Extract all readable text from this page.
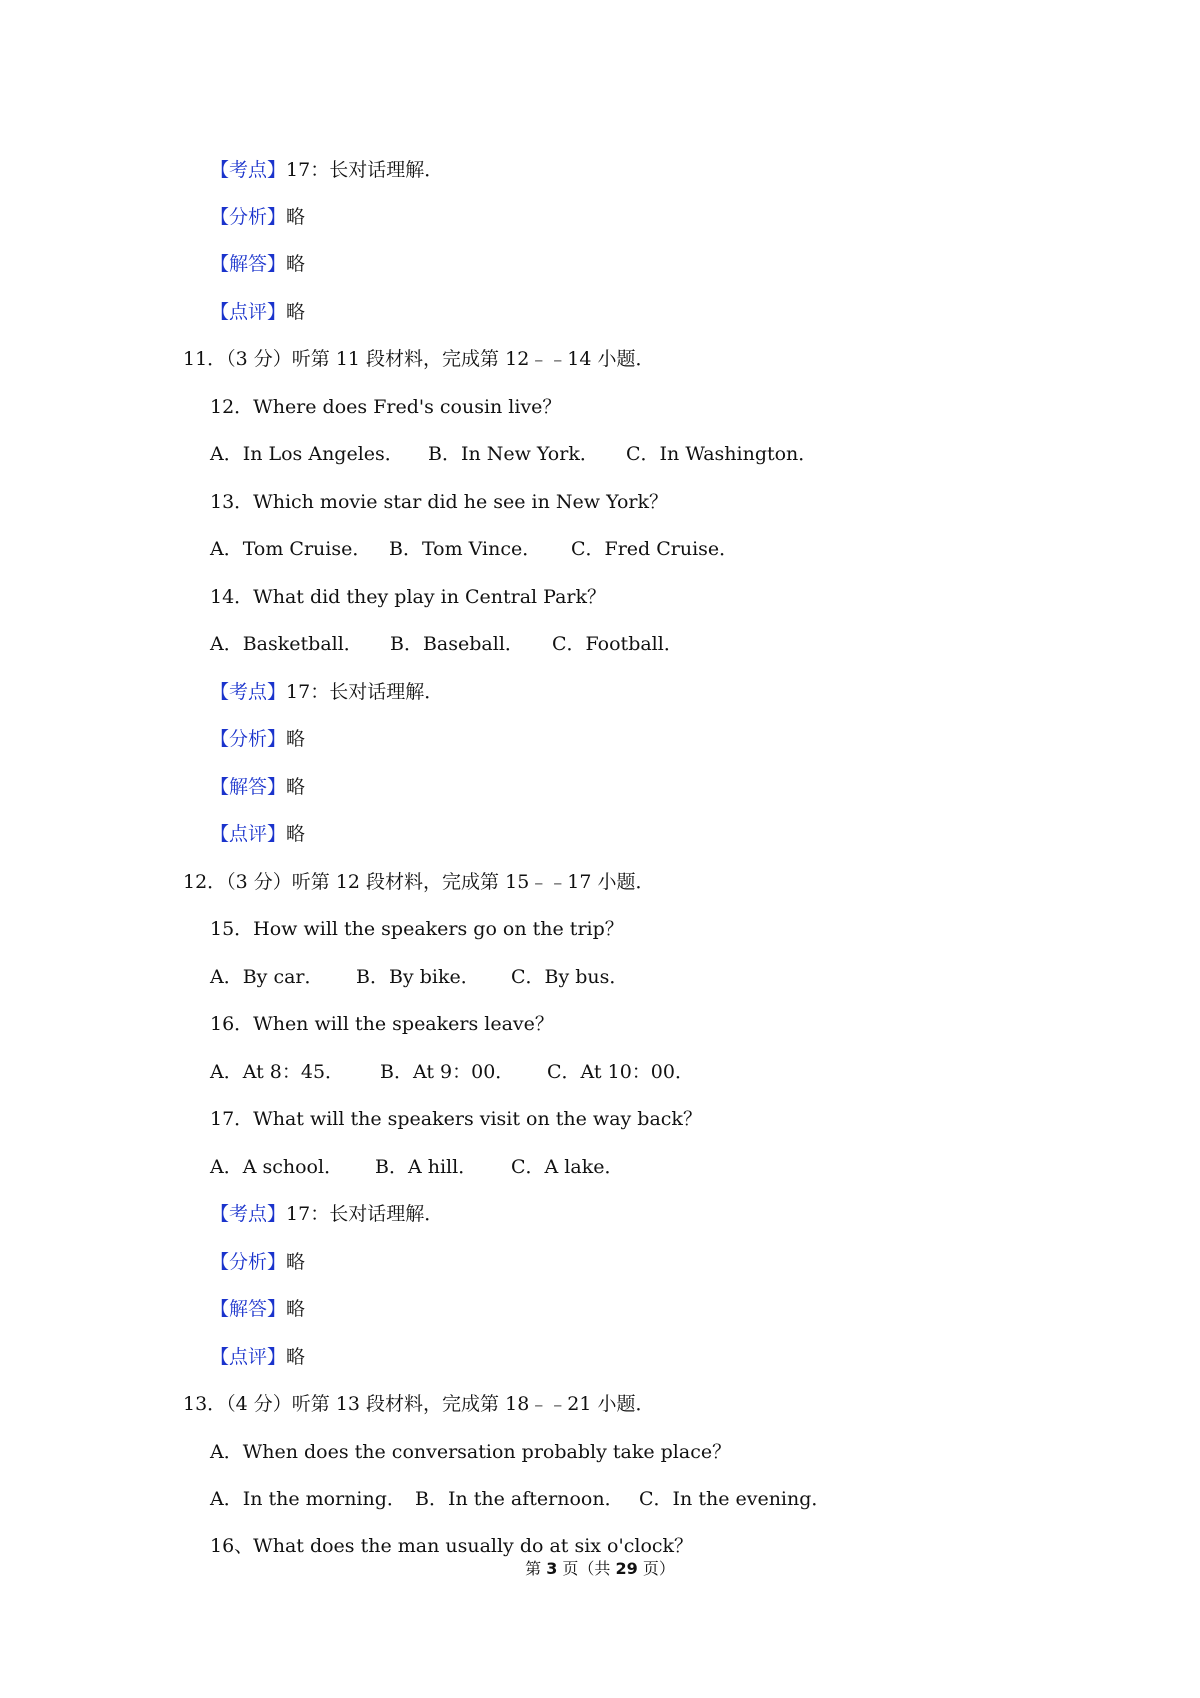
【考点】17：长对话理解．
【分析】略
【解答】略
【点评】略
11．（3 分）听第 11 段材料，完成第 12﹣﹣14 小题．
12．Where does Fred's cousin live？
A．In Los Angeles． B．In New York． C．In Washington．
13．Which movie star did he see in New York？
A．Tom Cruise． B．Tom Vince． C．Fred Cruise．
14．What did they play in Central Park？
A．Basketball． B．Baseball． C．Football．
【考点】17：长对话理解．
【分析】略
【解答】略
【点评】略
12．（3 分）听第 12 段材料，完成第 15﹣﹣17 小题．
15．How will the speakers go on the trip？
A．By car． B．By bike． C．By bus．
16．When will the speakers leave？
A．At 8：45． B．At 9：00． C．At 10：00．
17．What will the speakers visit on the way back？
A．A school． B．A hill． C．A lake．
【考点】17：长对话理解．
【分析】略
【解答】略
【点评】略
13．（4 分）听第 13 段材料，完成第 18﹣﹣21 小题．
A．When does the conversation probably take place？
A．In the morning． B．In the afternoon． C．In the evening．
16、What does the man usually do at six o'clock？
第 3 页（共 29 页）
